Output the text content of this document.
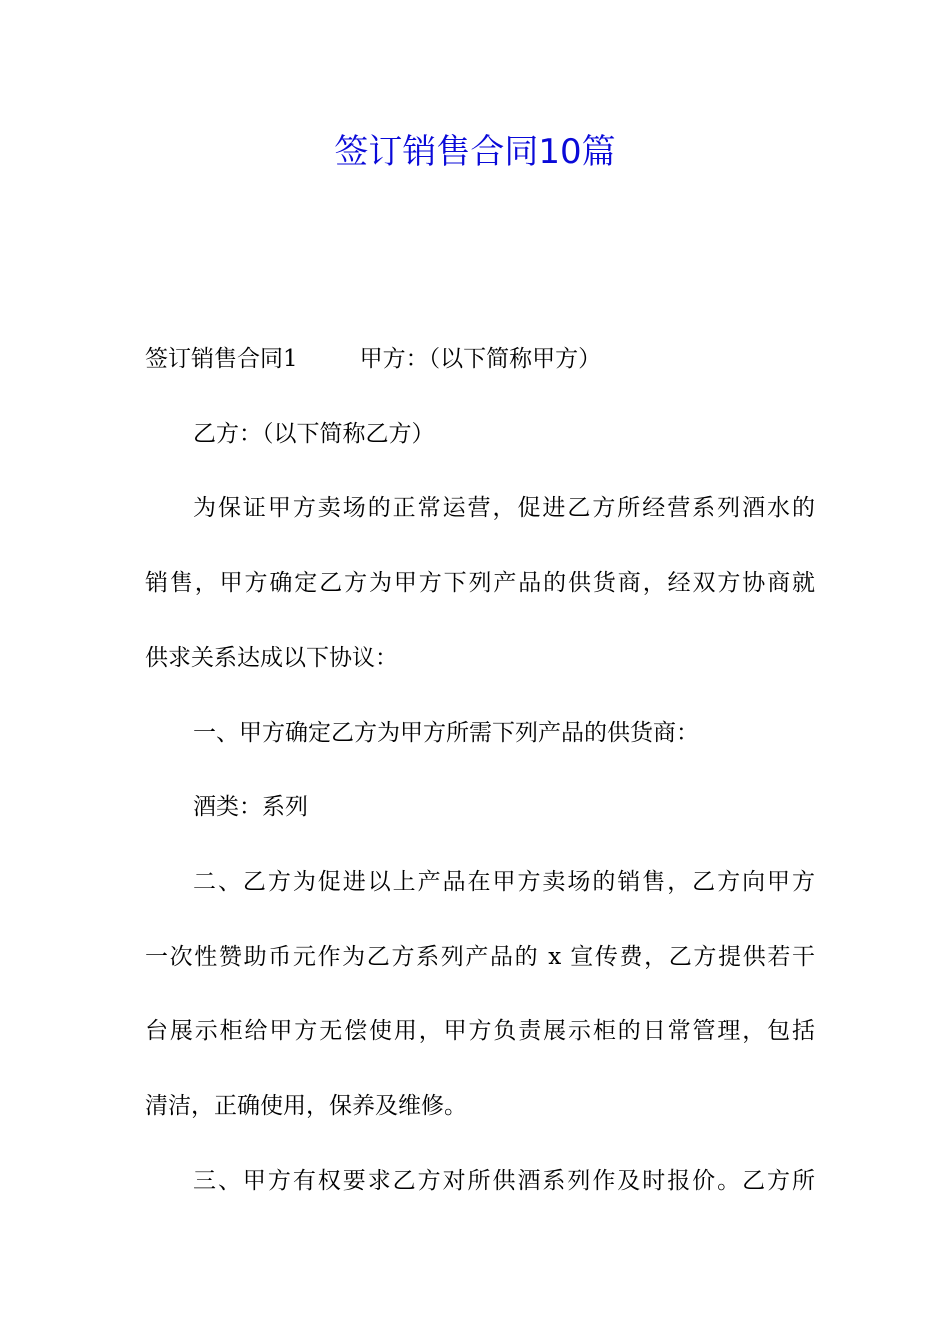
签订销售合同10篇

签订销售合同1	甲方：（以下简称甲方）

乙方：（以下简称乙方）

为保证甲方卖场的正常运营，促进乙方所经营系列酒水的

销售，甲方确定乙方为甲方下列产品的供货商，经双方协商就

供求关系达成以下协议：

一、甲方确定乙方为甲方所需下列产品的供货商：

酒类：系列

二、乙方为促进以上产品在甲方卖场的销售，乙方向甲方

一次性赞助币元作为乙方系列产品的 x 宣传费，乙方提供若干

台展示柜给甲方无偿使用，甲方负责展示柜的日常管理，包括

清洁，正确使用，保养及维修。

三、甲方有权要求乙方对所供酒系列作及时报价。乙方所
